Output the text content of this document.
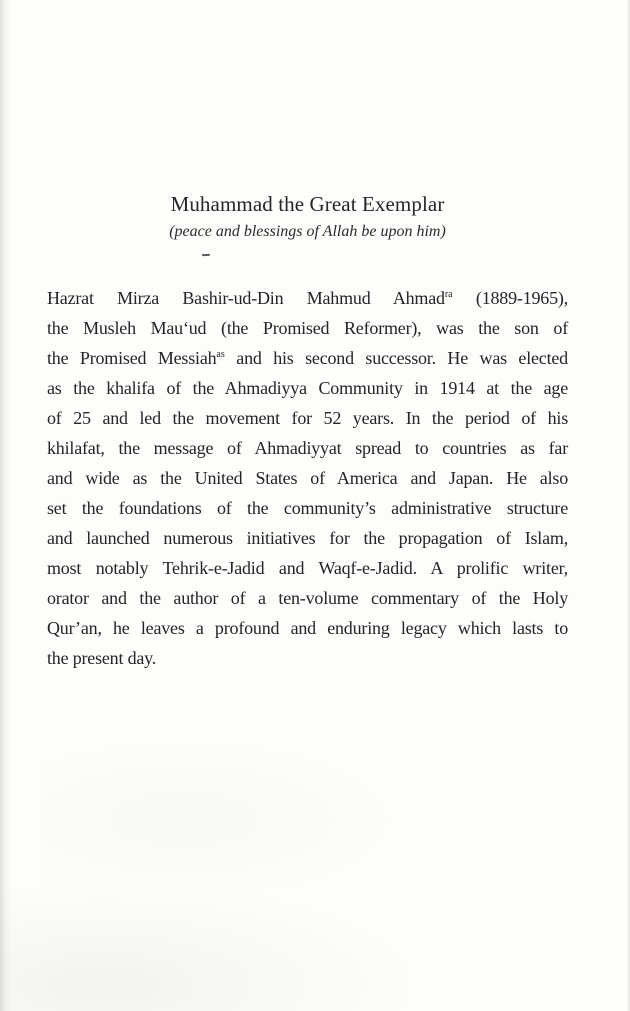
Muhammad the Great Exemplar
(peace and blessings of Allah be upon him)
Hazrat Mirza Bashir-ud-Din Mahmud Ahmad$^{ra}$ (1889-1965),
the Musleh Mau‘ud (the Promised Reformer), was the son of
the Promised Messiah$^{as}$ and his second successor. He was elected
as the khalifa of the Ahmadiyya Community in 1914 at the age
of 25 and led the movement for 52 years. In the period of his
khilafat, the message of Ahmadiyyat spread to countries as far
and wide as the United States of America and Japan. He also
set the foundations of the community’s administrative structure
and launched numerous initiatives for the propagation of Islam,
most notably Tehrik-e-Jadid and Waqf-e-Jadid. A prolific writer,
orator and the author of a ten-volume commentary of the Holy
Qur’an, he leaves a profound and enduring legacy which lasts to
the present day.
